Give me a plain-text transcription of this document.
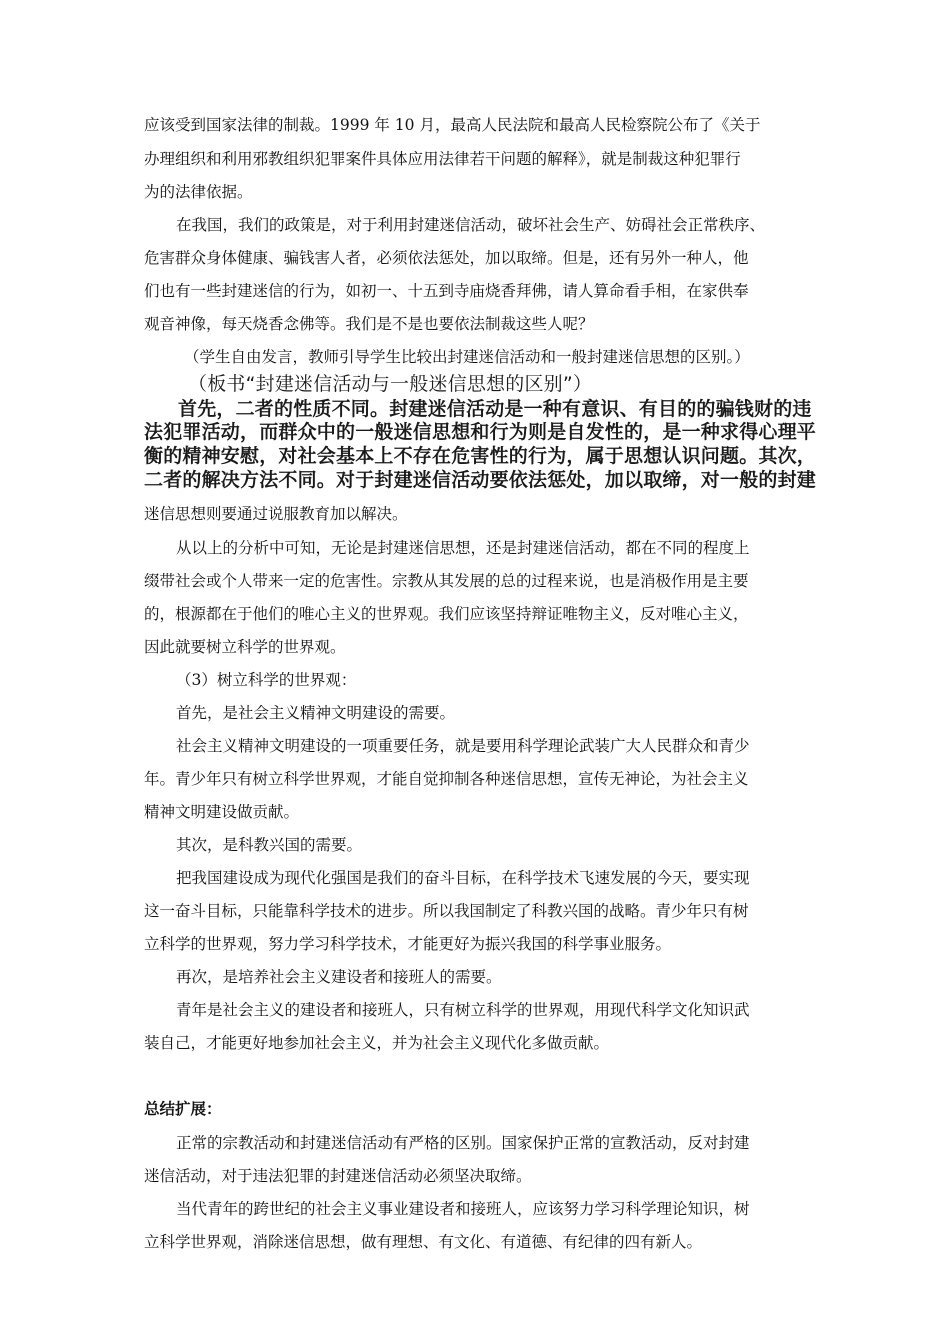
应该受到国家法律的制裁。1999 年 10 月，最高人民法院和最高人民检察院公布了《关于
办理组织和利用邪教组织犯罪案件具体应用法律若干问题的解释》，就是制裁这种犯罪行
为的法律依据。
在我国，我们的政策是，对于利用封建迷信活动，破坏社会生产、妨碍社会正常秩序、
危害群众身体健康、骗钱害人者，必须依法惩处，加以取缔。但是，还有另外一种人，他
们也有一些封建迷信的行为，如初一、十五到寺庙烧香拜佛，请人算命看手相，在家供奉
观音神像，每天烧香念佛等。我们是不是也要依法制裁这些人呢？
（学生自由发言，教师引导学生比较出封建迷信活动和一般封建迷信思想的区别。）
（板书“封建迷信活动与一般迷信思想的区别”）
首先，二者的性质不同。封建迷信活动是一种有意识、有目的的骗钱财的违
法犯罪活动，而群众中的一般迷信思想和行为则是自发性的，是一种求得心理平
衡的精神安慰，对社会基本上不存在危害性的行为，属于思想认识问题。其次，
二者的解决方法不同。对于封建迷信活动要依法惩处，加以取缔，对一般的封建
迷信思想则要通过说服教育加以解决。
从以上的分析中可知，无论是封建迷信思想，还是封建迷信活动，都在不同的程度上
缀带社会或个人带来一定的危害性。宗教从其发展的总的过程来说，也是消极作用是主要
的，根源都在于他们的唯心主义的世界观。我们应该坚持辩证唯物主义，反对唯心主义，
因此就要树立科学的世界观。
（3）树立科学的世界观：
首先，是社会主义精神文明建设的需要。
社会主义精神文明建设的一项重要任务，就是要用科学理论武装广大人民群众和青少
年。青少年只有树立科学世界观，才能自觉抑制各种迷信思想，宣传无神论，为社会主义
精神文明建设做贡献。
其次，是科教兴国的需要。
把我国建设成为现代化强国是我们的奋斗目标，在科学技术飞速发展的今天，要实现
这一奋斗目标，只能靠科学技术的进步。所以我国制定了科教兴国的战略。青少年只有树
立科学的世界观，努力学习科学技术，才能更好为振兴我国的科学事业服务。
再次，是培养社会主义建设者和接班人的需要。
青年是社会主义的建设者和接班人，只有树立科学的世界观，用现代科学文化知识武
装自己，才能更好地参加社会主义，并为社会主义现代化多做贡献。
总结扩展：
正常的宗教活动和封建迷信活动有严格的区别。国家保护正常的宣教活动，反对封建
迷信活动，对于违法犯罪的封建迷信活动必须坚决取缔。
当代青年的跨世纪的社会主义事业建设者和接班人，应该努力学习科学理论知识，树
立科学世界观，消除迷信思想，做有理想、有文化、有道德、有纪律的四有新人。
